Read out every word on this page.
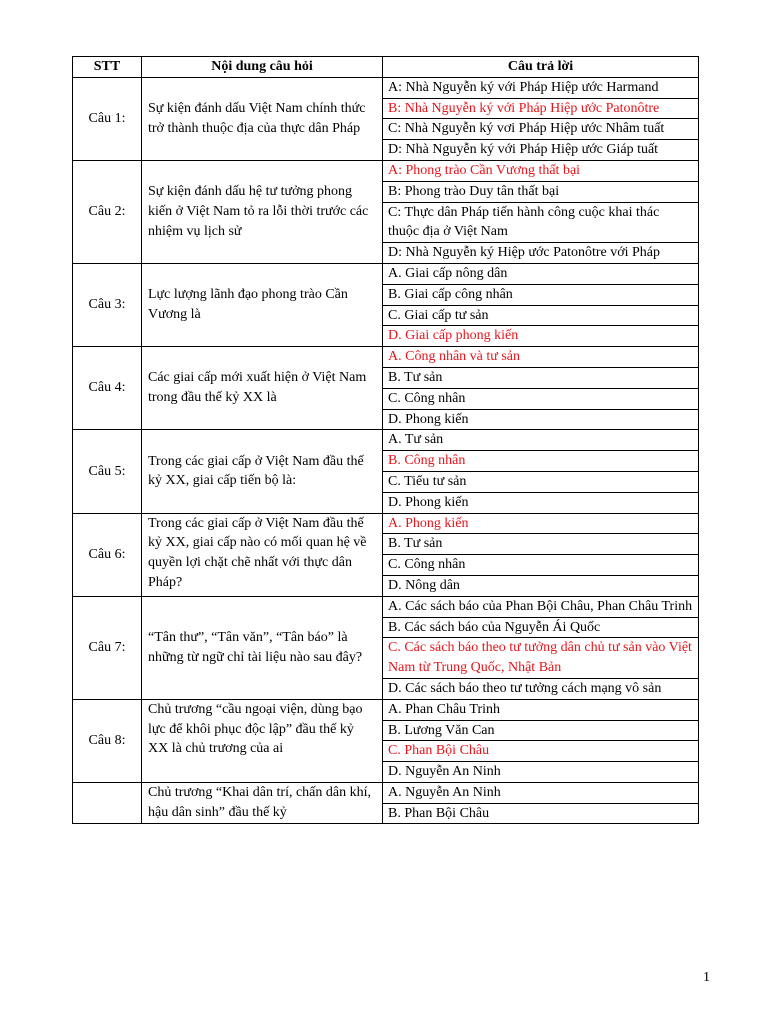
STT	Nội dung câu hỏi	Câu trả lời
Câu 1:	Sự kiện đánh dấu Việt Nam chính thức trở thành thuộc địa của thực dân Pháp	A: Nhà Nguyễn ký với Pháp Hiệp ước Harmand
		B: Nhà Nguyễn ký với Pháp Hiệp ước Patonôtre
		C: Nhà Nguyễn ký vơi Pháp Hiệp ước Nhâm tuất
		D: Nhà Nguyễn ký với Pháp Hiệp ước Giáp tuất
Câu 2:	Sự kiện đánh dấu hệ tư tưởng phong kiến ở Việt Nam tỏ ra lỗi thời trước các nhiệm vụ lịch sử	A: Phong trào Cần Vương thất bại
		B: Phong trào Duy tân thất bại
		C: Thực dân Pháp tiến hành công cuộc khai thác thuộc địa ở Việt Nam
		D: Nhà Nguyễn ký Hiệp ước Patonôtre với Pháp
Câu 3:	Lực lượng lãnh đạo phong trào Cần Vương là	A. Giai cấp nông dân
		B. Giai cấp công nhân
		C. Giai cấp tư sản
		D. Giai cấp phong kiến
Câu 4:	Các giai cấp mới xuất hiện ở Việt Nam trong đầu thế kỷ XX là	A. Công nhân và tư sản
		B. Tư sản
		C. Công nhân
		D. Phong kiến
Câu 5:	Trong các giai cấp ở Việt Nam đầu thế kỷ XX, giai cấp tiến bộ là:	A. Tư sản
		B. Công nhân
		C. Tiểu tư sản
		D. Phong kiến
Câu 6:	Trong các giai cấp ở Việt Nam đầu thế kỷ XX, giai cấp nào có mối quan hệ về quyền lợi chặt chẽ nhất với thực dân Pháp?	A. Phong kiến
		B. Tư sản
		C. Công nhân
		D. Nông dân
Câu 7:	“Tân thư”, “Tân văn”, “Tân báo” là những từ ngữ chỉ tài liệu nào sau đây?	A. Các sách báo của Phan Bội Châu, Phan Châu Trinh
		B. Các sách báo của Nguyễn Ái Quốc
		C. Các sách báo theo tư tưởng dân chủ tư sản vào Việt Nam từ Trung Quốc, Nhật Bản
		D. Các sách báo theo tư tưởng cách mạng vô sản
Câu 8:	Chủ trương “cầu ngoại viện, dùng bạo lực để khôi phục độc lập” đầu thế kỷ XX là chủ trương của ai	A. Phan Châu Trinh
		B. Lương Văn Can
		C. Phan Bội Châu
		D. Nguyễn An Ninh
	Chủ trương “Khai dân trí, chấn dân khí, hậu dân sinh” đầu thế kỷ	A. Nguyễn An Ninh
		B. Phan Bội Châu
1
